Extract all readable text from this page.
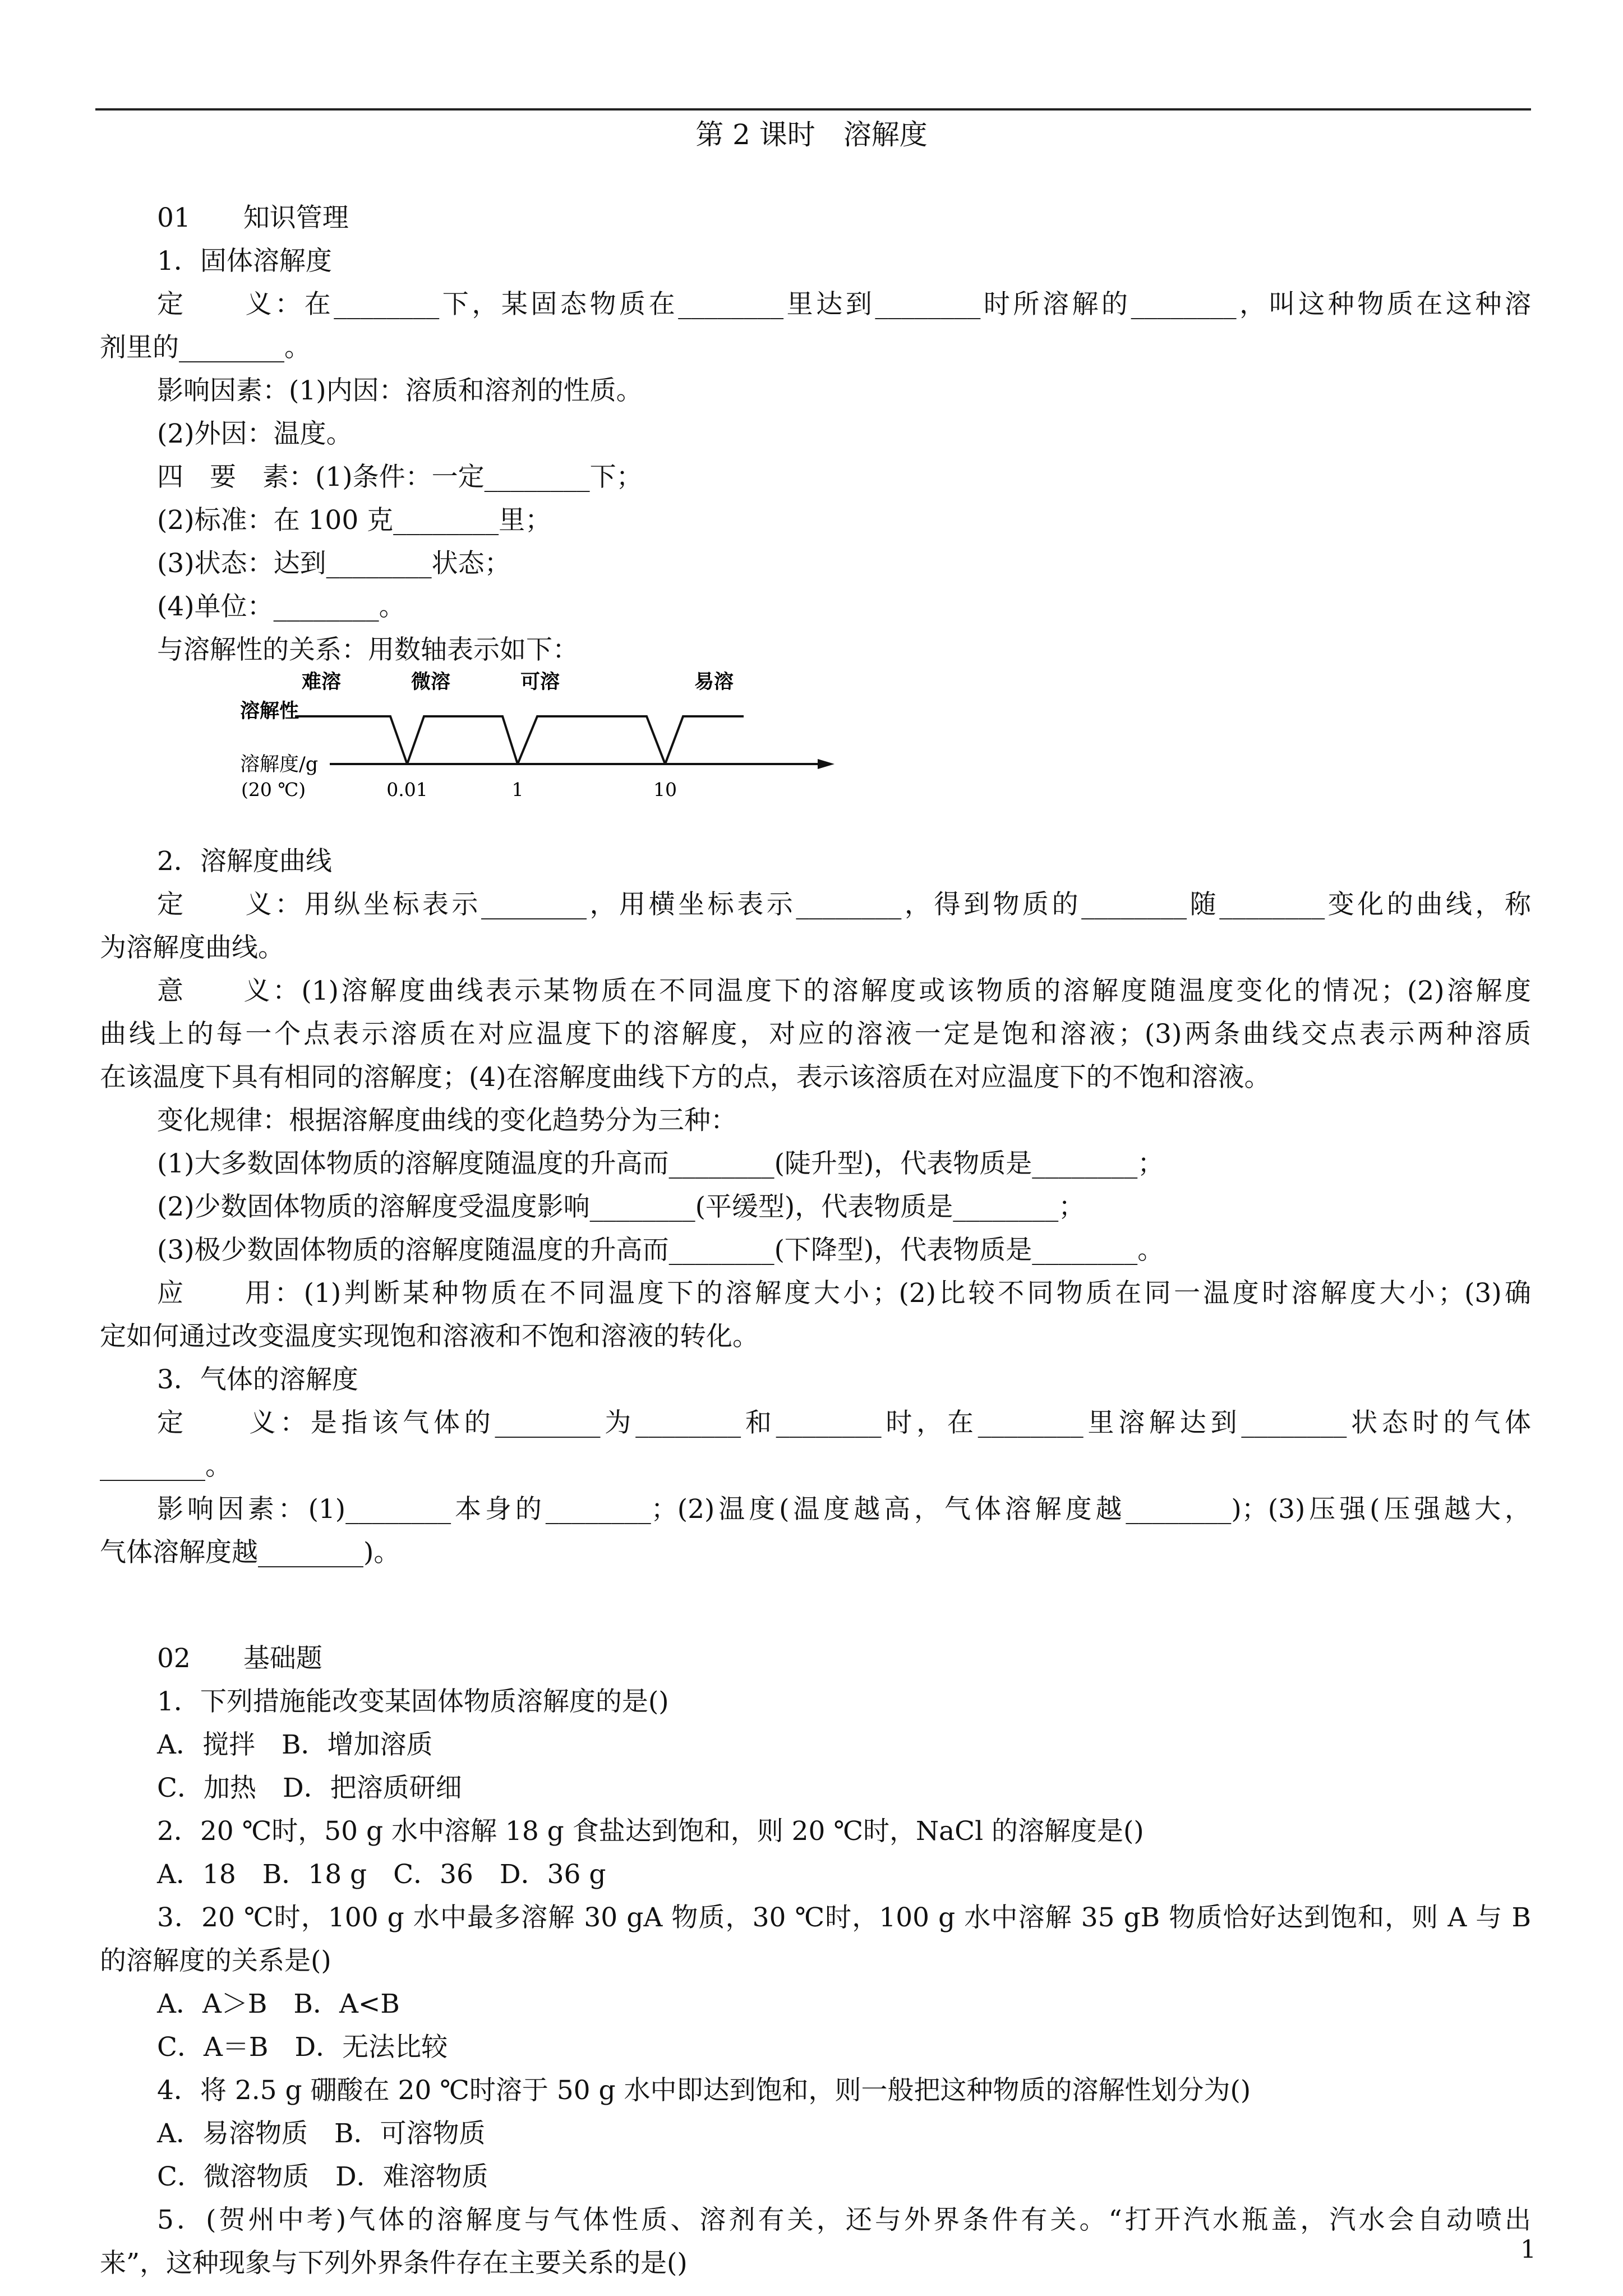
第 2 课时　溶解度
01　　 知识管理
1．固体溶解度
定　　义：在________下，某固态物质在________里达到________时所溶解的________，叫这种物质在这种溶
剂里的________。
影响因素：(1)内因：溶质和溶剂的性质。
(2)外因：温度。
四　要　素：(1)条件：一定________下；
(2)标准：在 100 克________里；
(3)状态：达到________状态；
(4)单位：________。
与溶解性的关系：用数轴表示如下：
溶解性
溶解度/g
(20 ℃)
难溶	微溶	可溶	易溶
0.01	1	10
2．溶解度曲线
定　　义：用纵坐标表示________，用横坐标表示________，得到物质的________随________变化的曲线，称
为溶解度曲线。
意　　义：(1)溶解度曲线表示某物质在不同温度下的溶解度或该物质的溶解度随温度变化的情况；(2)溶解度
曲线上的每一个点表示溶质在对应温度下的溶解度，对应的溶液一定是饱和溶液；(3)两条曲线交点表示两种溶质
在该温度下具有相同的溶解度；(4)在溶解度曲线下方的点，表示该溶质在对应温度下的不饱和溶液。
变化规律：根据溶解度曲线的变化趋势分为三种：
(1)大多数固体物质的溶解度随温度的升高而________(陡升型)，代表物质是________；
(2)少数固体物质的溶解度受温度影响________(平缓型)，代表物质是________；
(3)极少数固体物质的溶解度随温度的升高而________(下降型)，代表物质是________。
应　　用：(1)判断某种物质在不同温度下的溶解度大小；(2)比较不同物质在同一温度时溶解度大小；(3)确
定如何通过改变温度实现饱和溶液和不饱和溶液的转化。
3．气体的溶解度
定　　义：是指该气体的________为________和________时，在________里溶解达到________状态时的气体
________。
影响因素：(1)________本身的________；(2)温度(温度越高，气体溶解度越________)；(3)压强(压强越大，
气体溶解度越________)。
02　　 基础题
1．下列措施能改变某固体物质溶解度的是()
A．搅拌　B．增加溶质
C．加热　D．把溶质研细
2．20 ℃时，50 g 水中溶解 18 g 食盐达到饱和，则 20 ℃时，NaCl 的溶解度是()
A．18　B．18 g　C．36　D．36 g
3．20 ℃时，100 g 水中最多溶解 30 gA 物质，30 ℃时，100 g 水中溶解 35 gB 物质恰好达到饱和，则 A 与 B
的溶解度的关系是()
A．A＞B　B．A<B
C．A＝B　D．无法比较
4．将 2.5 g 硼酸在 20 ℃时溶于 50 g 水中即达到饱和，则一般把这种物质的溶解性划分为()
A．易溶物质　B．可溶物质
C．微溶物质　D．难溶物质
5．(贺州中考)气体的溶解度与气体性质、溶剂有关，还与外界条件有关。“打开汽水瓶盖，汽水会自动喷出
来”，这种现象与下列外界条件存在主要关系的是()	1
